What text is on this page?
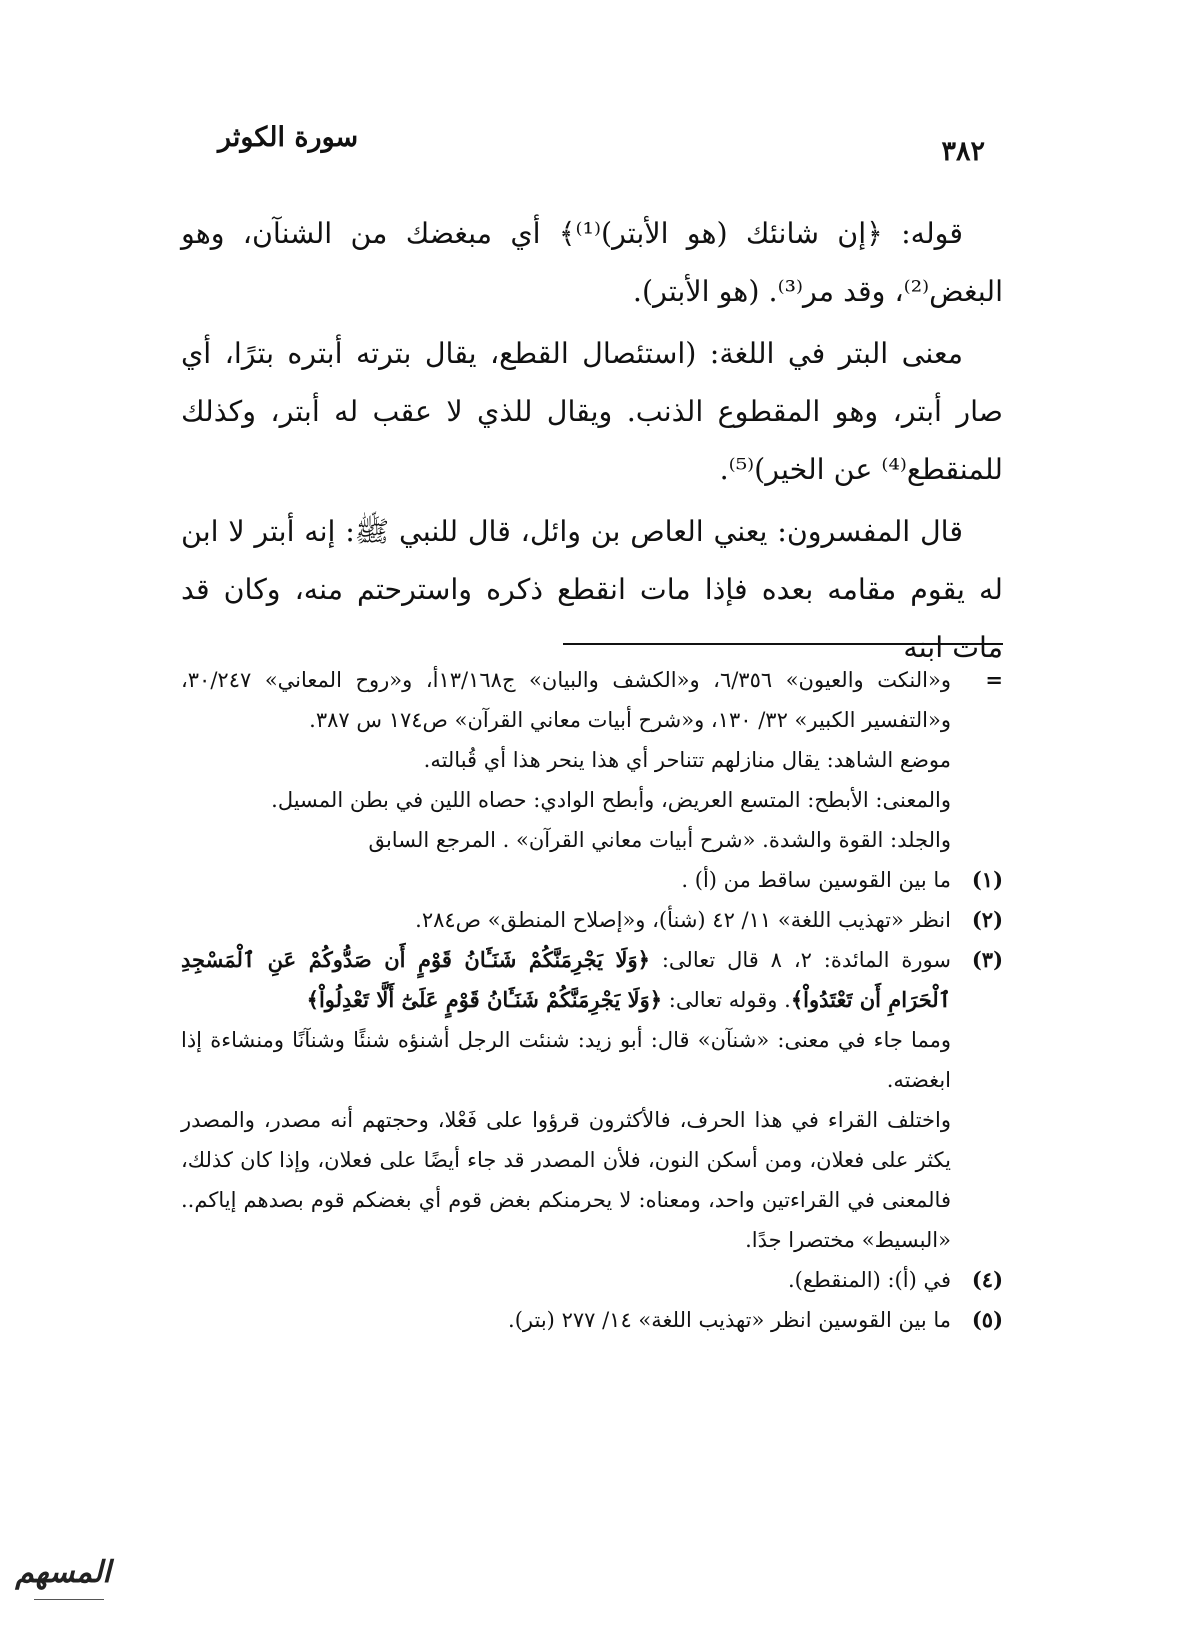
سورة الكوثر	٣٨٢

قوله: ﴿إن شانئك (هو الأبتر)⁽¹⁾﴾ أي مبغضك من الشنآن، وهو البغض⁽²⁾، وقد مر⁽³⁾. (هو الأبتر).

معنى البتر في اللغة: (استئصال القطع، يقال بترته أبتره بترًا، أي صار أبتر، وهو المقطوع الذنب. ويقال للذي لا عقب له أبتر، وكذلك للمنقطع⁽⁴⁾ عن الخير)⁽⁵⁾.

قال المفسرون: يعني العاص بن وائل، قال للنبي ﷺ: إنه أبتر لا ابن له يقوم مقامه بعده فإذا مات انقطع ذكره واسترحتم منه، وكان قد مات ابنه

=
و«النكت والعيون» ٦/٣٥٦، و«الكشف والبيان» ج١٣/١٦٨أ، و«روح المعاني» ٣٠/٢٤٧، و«التفسير الكبير» ٣٢/ ١٣٠، و«شرح أبيات معاني القرآن» ص١٧٤ س ٣٨٧.
موضع الشاهد: يقال منازلهم تتناحر أي هذا ينحر هذا أي قُبالته.
والمعنى: الأبطح: المتسع العريض، وأبطح الوادي: حصاه اللين في بطن المسيل.
والجلد: القوة والشدة. «شرح أبيات معاني القرآن» . المرجع السابق
(١)
ما بين القوسين ساقط من (أ) .
(٢)
انظر «تهذيب اللغة» ١١/ ٤٢ (شنأ)، و«إصلاح المنطق» ص٢٨٤.
(٣)
سورة المائدة: ٢، ٨ قال تعالى: ﴿وَلَا يَجْرِمَنَّكُمْ شَنَـَٔانُ قَوْمٍ أَن صَدُّوكُمْ عَنِ ٱلْمَسْجِدِ ٱلْحَرَامِ أَن تَعْتَدُواْ﴾. وقوله تعالى: ﴿وَلَا يَجْرِمَنَّكُمْ شَنَـَٔانُ قَوْمٍ عَلَىٰٓ أَلَّا تَعْدِلُواْ﴾
ومما جاء في معنى: «شنآن» قال: أبو زيد: شنئت الرجل أشنؤه شنئًا وشنآنًا ومنشاءة إذا ابغضته.
واختلف القراء في هذا الحرف، فالأكثرون قرؤوا على فَعْلا، وحجتهم أنه مصدر، والمصدر يكثر على فعلان، ومن أسكن النون، فلأن المصدر قد جاء أيضًا على فعلان، وإذا كان كذلك، فالمعنى في القراءتين واحد، ومعناه: لا يحرمنكم بغض قوم أي بغضكم قوم بصدهم إياكم.. «البسيط» مختصرا جدًا.
(٤)
في (أ): (المنقطع).
(٥)
ما بين القوسين انظر «تهذيب اللغة» ١٤/ ٢٧٧ (بتر).
المسهم
